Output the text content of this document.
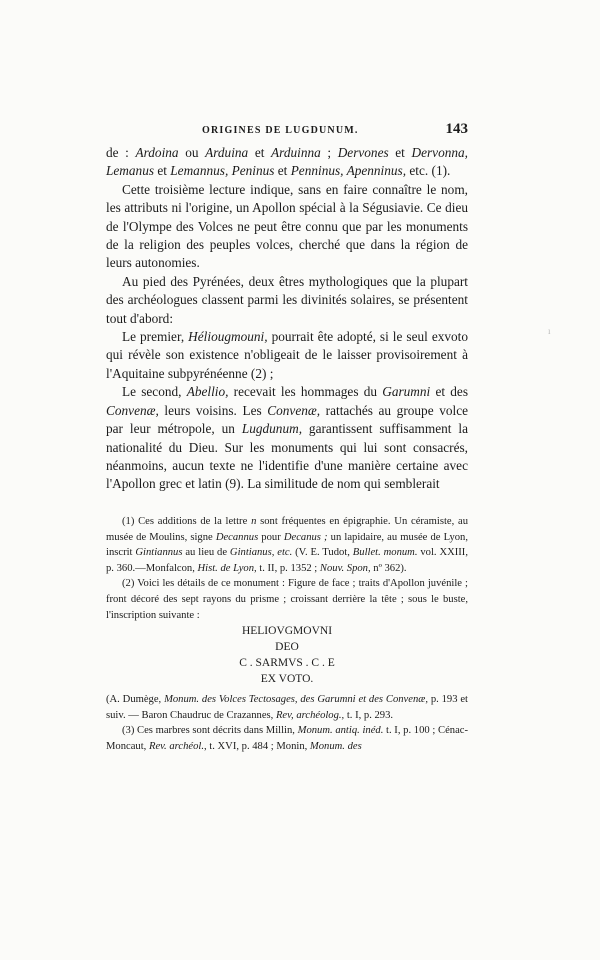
ORIGINES DE LUGDUNUM.	143

de : Ardoina ou Arduina et Arduinna ; Dervones et Dervonna, Lemanus et Lemannus, Peninus et Penninus, Apenninus, etc. (1).

Cette troisième lecture indique, sans en faire connaître le nom, les attributs ni l'origine, un Apollon spécial à la Ségusiavie. Ce dieu de l'Olympe des Volces ne peut être connu que par les monuments de la religion des peuples volces, cherché que dans la région de leurs autonomies.

Au pied des Pyrénées, deux êtres mythologiques que la plupart des archéologues classent parmi les divinités solaires, se présentent tout d'abord:

Le premier, Héliougmouni, pourrait ête adopté, si le seul exvoto qui révèle son existence n'obligeait de le laisser provisoirement à l'Aquitaine subpyrénéenne (2) ;

Le second, Abellio, recevait les hommages du Garumni et des Convenæ, leurs voisins. Les Convenæ, rattachés au groupe volce par leur métropole, un Lugdunum, garantissent suffisamment la nationalité du Dieu. Sur les monuments qui lui sont consacrés, néanmoins, aucun texte ne l'identifie d'une manière certaine avec l'Apollon grec et latin (9). La similitude de nom qui semblerait

(1) Ces additions de la lettre n sont fréquentes en épigraphie. Un céramiste, au musée de Moulins, signe Decannus pour Decanus ; un lapidaire, au musée de Lyon, inscrit Gintiannus au lieu de Gintianus, etc. (V. E. Tudot, Bullet. monum. vol. XXIII, p. 360.—Monfalcon, Hist. de Lyon, t. II, p. 1352 ; Nouv. Spon, nº 362).

(2) Voici les détails de ce monument : Figure de face ; traits d'Apollon juvénile ; front décoré des sept rayons du prisme ; croissant derrière la tête ; sous le buste, l'inscription suivante :

HELIOVGMOVNI
DEO
C . SARMVS . C . E
EX VOTO.

(A. Dumège, Monum. des Volces Tectosages, des Garumni et des Convenæ, p. 193 et suiv. — Baron Chaudruc de Crazannes, Rev, archéolog., t. I, p. 293.

(3) Ces marbres sont décrits dans Millin, Monum. antiq. inéd. t. I, p. 100 ; Cénac-Moncaut, Rev. archéol., t. XVI, p. 484 ; Monin, Monum. des

ı
